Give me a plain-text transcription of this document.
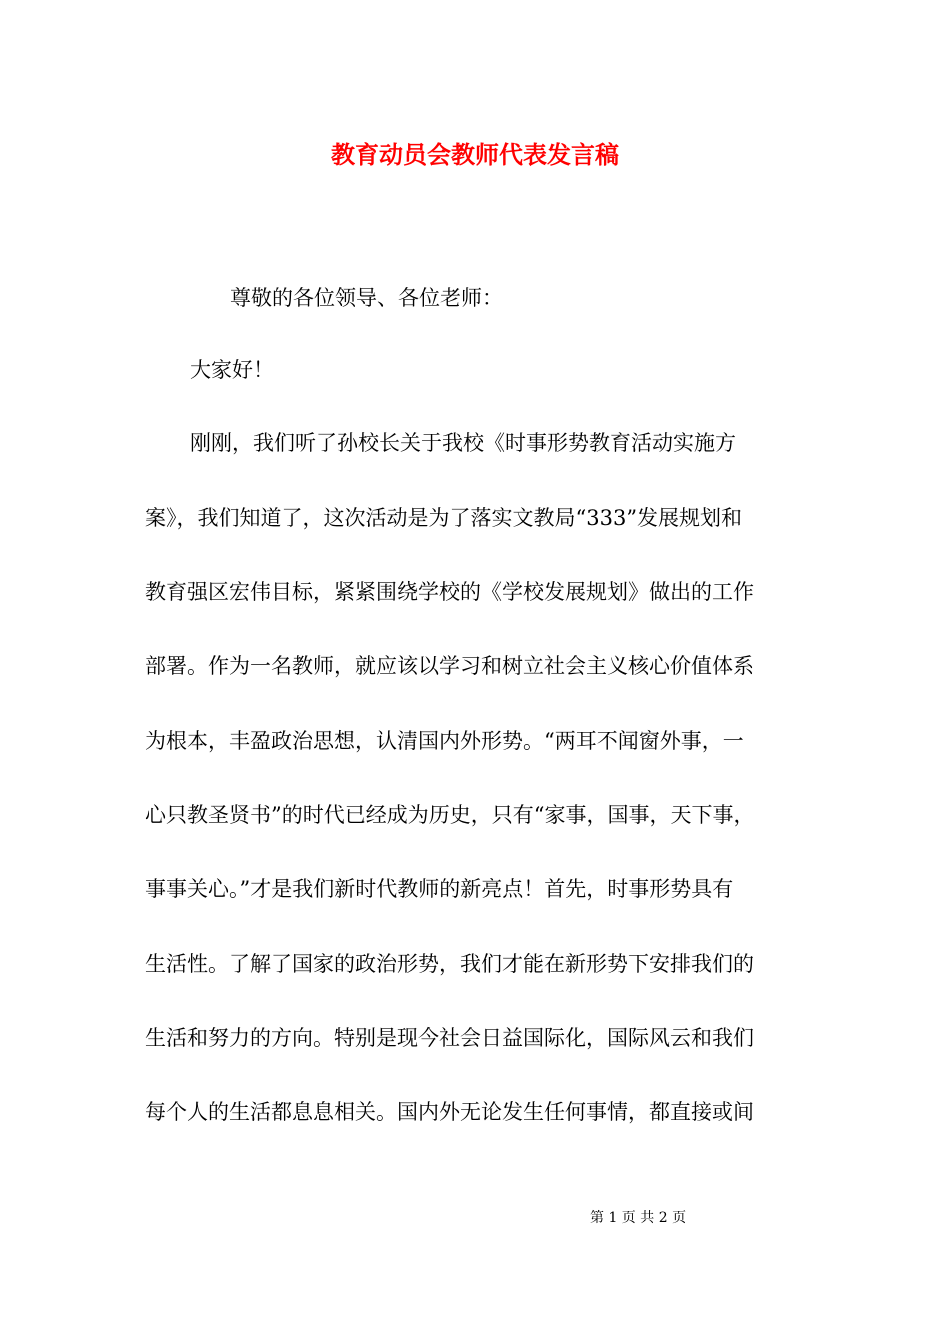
教育动员会教师代表发言稿

尊敬的各位领导、各位老师：

大家好！

刚刚，我们听了孙校长关于我校《时事形势教育活动实施方

案》，我们知道了，这次活动是为了落实文教局“333”发展规划和

教育强区宏伟目标，紧紧围绕学校的《学校发展规划》做出的工作

部署。作为一名教师，就应该以学习和树立社会主义核心价值体系

为根本，丰盈政治思想，认清国内外形势。“两耳不闻窗外事，一

心只教圣贤书”的时代已经成为历史，只有“家事，国事，天下事，

事事关心。”才是我们新时代教师的新亮点！首先，时事形势具有

生活性。了解了国家的政治形势，我们才能在新形势下安排我们的

生活和努力的方向。特别是现今社会日益国际化，国际风云和我们

每个人的生活都息息相关。国内外无论发生任何事情，都直接或间

第 1 页 共 2 页
